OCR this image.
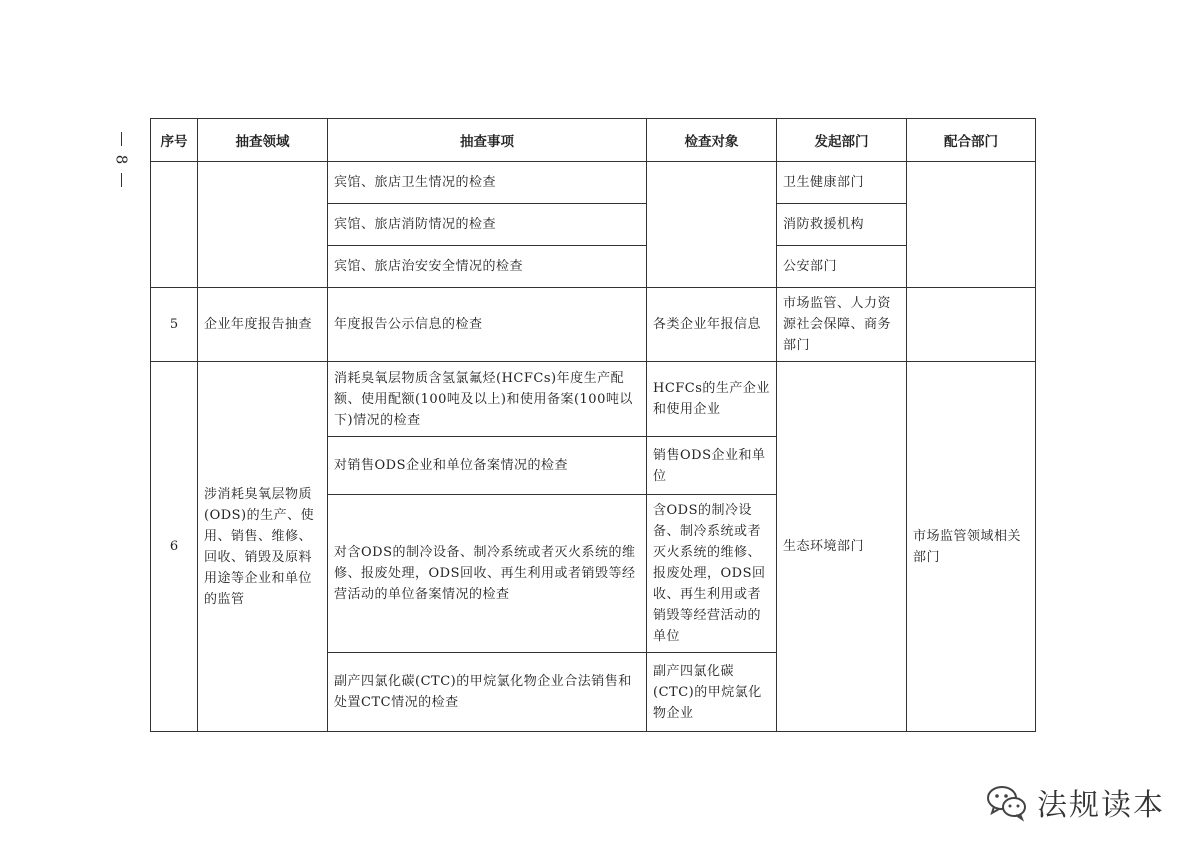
8
序号	抽查领域	抽查事项	检查对象	发起部门	配合部门
		宾馆、旅店卫生情况的检查		卫生健康部门	
		宾馆、旅店消防情况的检查		消防救援机构	
		宾馆、旅店治安安全情况的检查		公安部门	
5	企业年度报告抽查	年度报告公示信息的检查	各类企业年报信息	市场监管、人力资源社会保障、商务部门	
6	涉消耗臭氧层物质(ODS)的生产、使用、销售、维修、回收、销毁及原料用途等企业和单位的监管	消耗臭氧层物质含氢氯氟烃(HCFCs)年度生产配额、使用配额(100吨及以上)和使用备案(100吨以下)情况的检查	HCFCs的生产企业和使用企业	生态环境部门	市场监管领域相关部门
		对销售ODS企业和单位备案情况的检查	销售ODS企业和单位		
		对含ODS的制冷设备、制冷系统或者灭火系统的维修、报废处理，ODS回收、再生利用或者销毁等经营活动的单位备案情况的检查	含ODS的制冷设备、制冷系统或者灭火系统的维修、报废处理，ODS回收、再生利用或者销毁等经营活动的单位		
		副产四氯化碳(CTC)的甲烷氯化物企业合法销售和处置CTC情况的检查	副产四氯化碳(CTC)的甲烷氯化物企业		
法规读本
